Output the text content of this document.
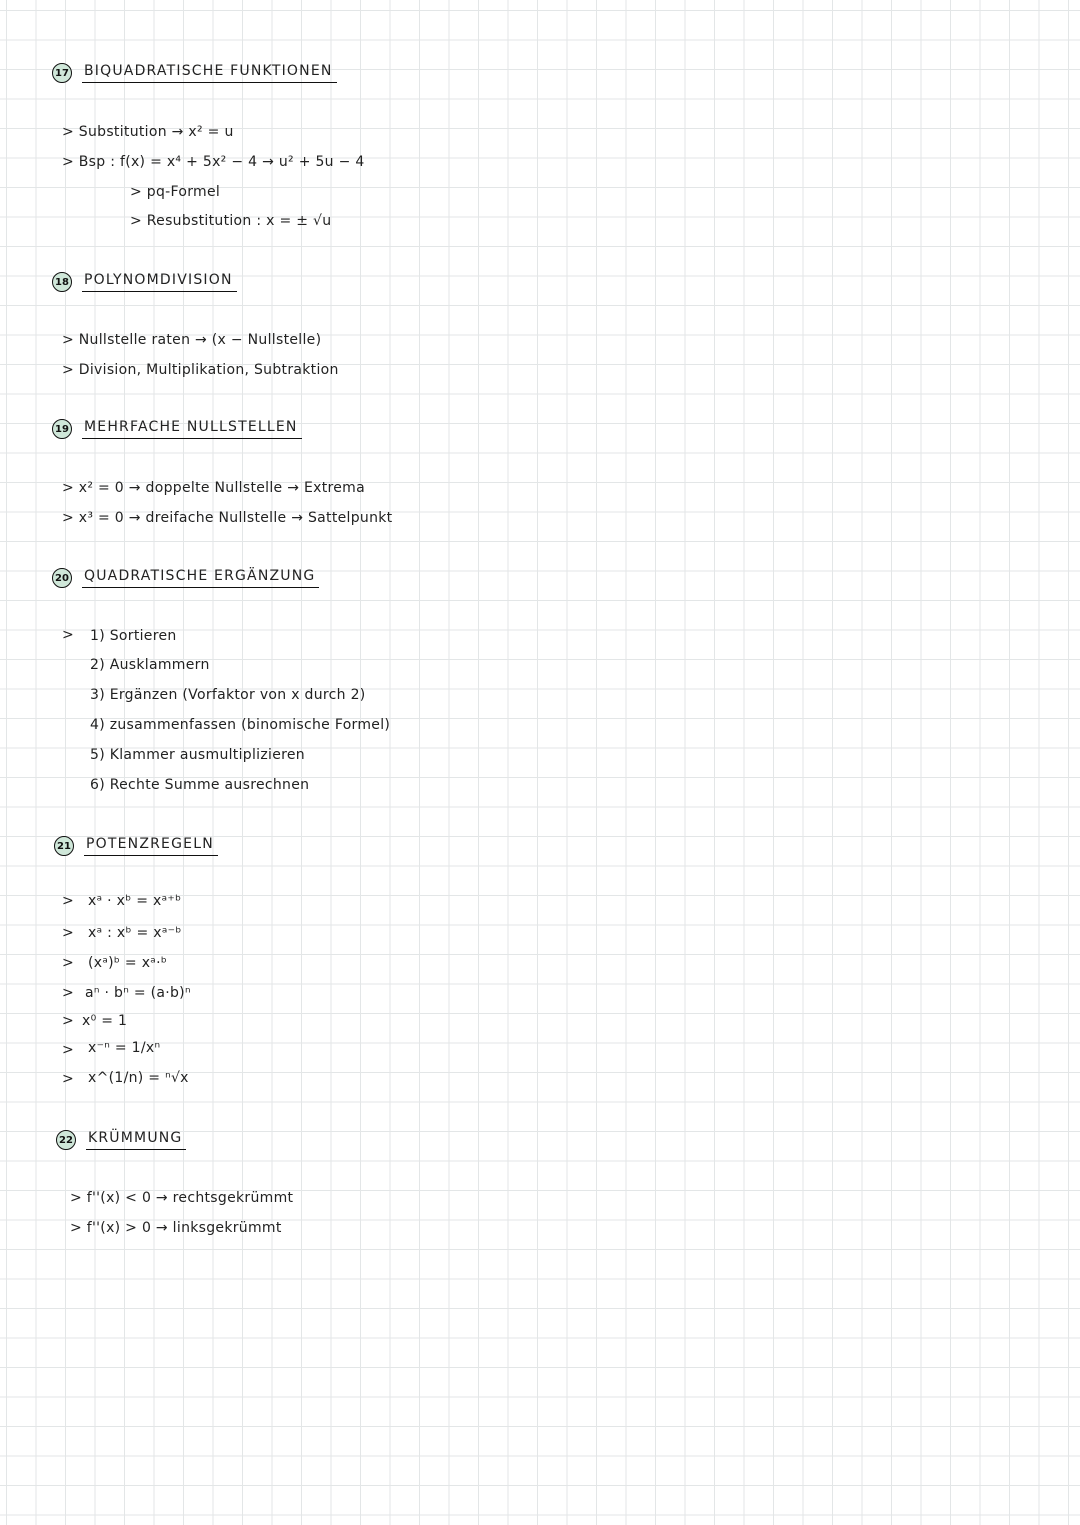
17 BIQUADRATISCHE FUNKTIONEN
> Substitution → x² = u
> Bsp : f(x) = x⁴ + 5x² − 4 → u² + 5u − 4
> pq-Formel
> Resubstitution : x = ± √u
18 POLYNOMDIVISION
> Nullstelle raten → (x − Nullstelle)
> Division, Multiplikation, Subtraktion
19 MEHRFACHE NULLSTELLEN
> x² = 0 → doppelte Nullstelle → Extrema
> x³ = 0 → dreifache Nullstelle → Sattelpunkt
20 QUADRATISCHE ERGÄNZUNG
> 1) Sortieren
2) Ausklammern
3) Ergänzen (Vorfaktor von x durch 2)
4) zusammenfassen (binomische Formel)
5) Klammer ausmultiplizieren
6) Rechte Summe ausrechnen
21 POTENZREGELN
> xᵃ · xᵇ = xᵃ⁺ᵇ
> xᵃ : xᵇ = xᵃ⁻ᵇ
> (xᵃ)ᵇ = xᵃ·ᵇ
> aⁿ · bⁿ = (a·b)ⁿ
> x⁰ = 1
> x⁻ⁿ = 1/xⁿ
> x^(1/n) = ⁿ√x
22 KRÜMMUNG
> f''(x) < 0 → rechtsgekrümmt
> f''(x) > 0 → linksgekrümmt
